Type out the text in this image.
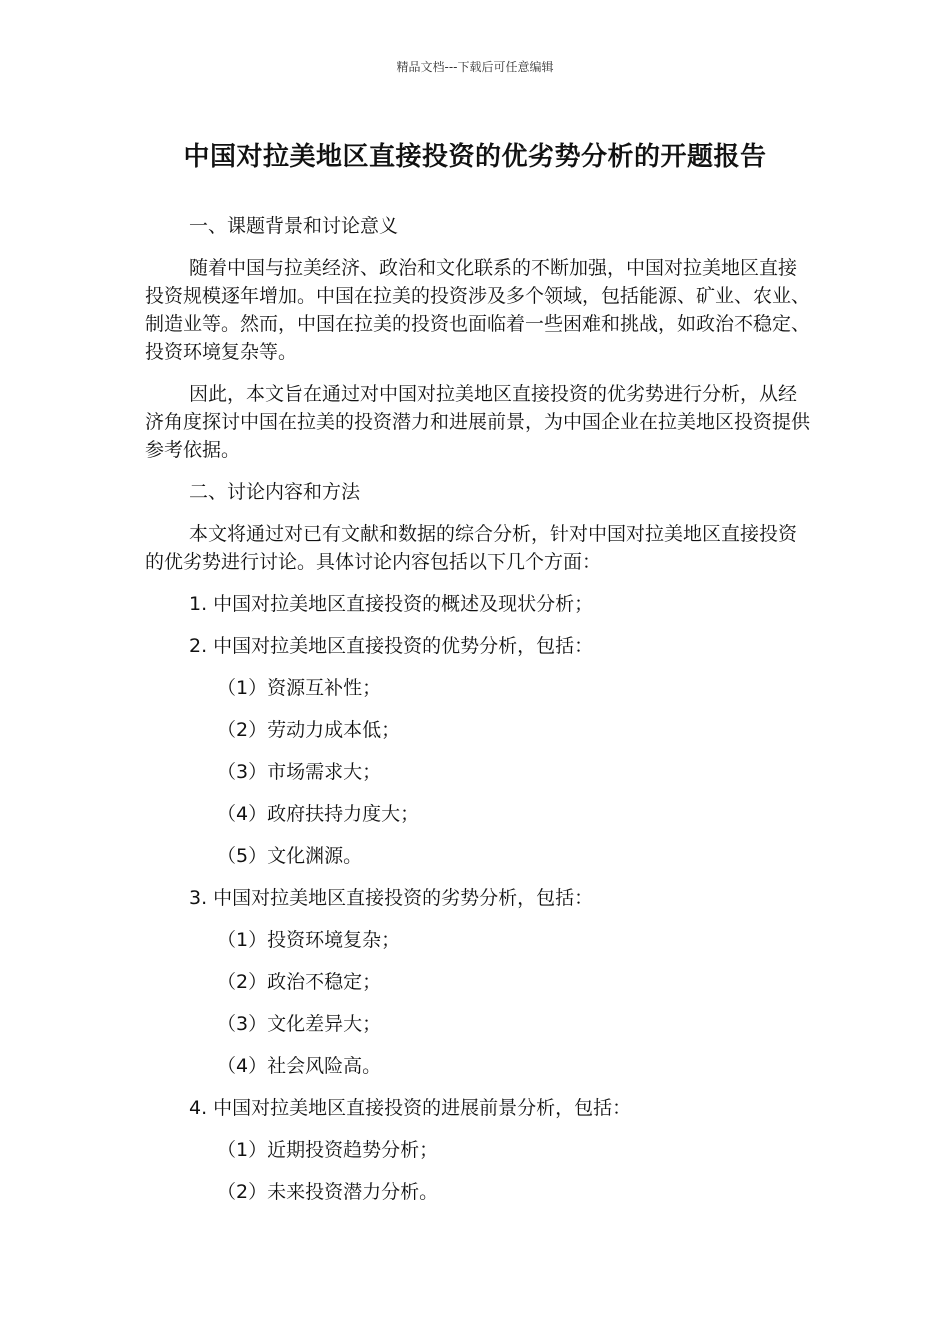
精品文档---下载后可任意编辑
中国对拉美地区直接投资的优劣势分析的开题报告
一、课题背景和讨论意义
随着中国与拉美经济、政治和文化联系的不断加强，中国对拉美地区直接投资规模逐年增加。中国在拉美的投资涉及多个领域，包括能源、矿业、农业、制造业等。然而，中国在拉美的投资也面临着一些困难和挑战，如政治不稳定、投资环境复杂等。
因此，本文旨在通过对中国对拉美地区直接投资的优劣势进行分析，从经济角度探讨中国在拉美的投资潜力和进展前景，为中国企业在拉美地区投资提供参考依据。
二、讨论内容和方法
本文将通过对已有文献和数据的综合分析，针对中国对拉美地区直接投资的优劣势进行讨论。具体讨论内容包括以下几个方面：
1. 中国对拉美地区直接投资的概述及现状分析；
2. 中国对拉美地区直接投资的优势分析，包括：
（1）资源互补性；
（2）劳动力成本低；
（3）市场需求大；
（4）政府扶持力度大；
（5）文化渊源。
3. 中国对拉美地区直接投资的劣势分析，包括：
（1）投资环境复杂；
（2）政治不稳定；
（3）文化差异大；
（4）社会风险高。
4. 中国对拉美地区直接投资的进展前景分析，包括：
（1）近期投资趋势分析；
（2）未来投资潜力分析。
